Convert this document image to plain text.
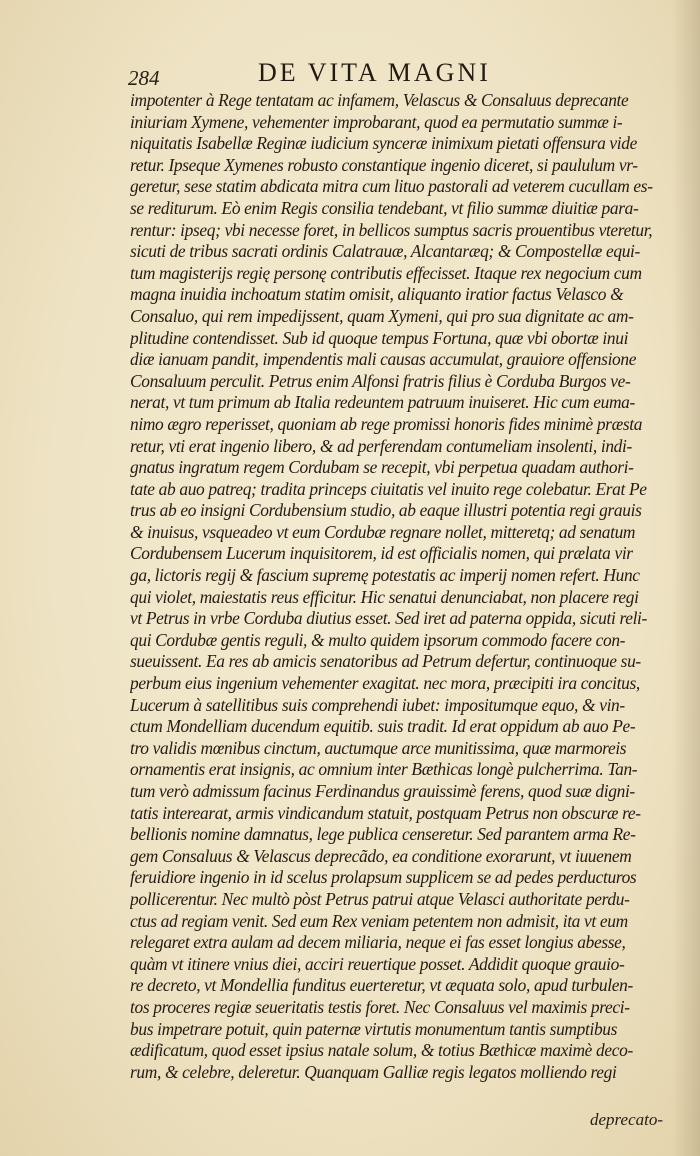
284	DE VITA MAGNI
impotenter à Rege tentatam ac infamem, Velascus & Consaluus deprecante
iniuriam Xymene, vehementer improbarant, quod ea permutatio summæ i-
niquitatis Isabellæ Reginæ iudicium synceræ inimixum pietati offensura vide
retur. Ipseque Xymenes robusto constantique ingenio diceret, si paululum vr-
geretur, sese statim abdicata mitra cum lituo pastorali ad veterem cucullam es-
se rediturum. Eò enim Regis consilia tendebant, vt filio summæ diuitiæ para-
rentur: ipseq; vbi necesse foret, in bellicos sumptus sacris prouentibus vteretur,
sicuti de tribus sacrati ordinis Calatrauæ, Alcantaræq; & Compostellæ equi-
tum magisterijs regię personę contributis effecisset. Itaque rex negocium cum
magna inuidia inchoatum statim omisit, aliquanto iratior factus Velasco &
Consaluo, qui rem impedijssent, quam Xymeni, qui pro sua dignitate ac am-
plitudine contendisset. Sub id quoque tempus Fortuna, quæ vbi obortæ inui
diæ ianuam pandit, impendentis mali causas accumulat, grauiore offensione
Consaluum perculit. Petrus enim Alfonsi fratris filius è Corduba Burgos ve-
nerat, vt tum primum ab Italia redeuntem patruum inuiseret. Hic cum euma-
nimo ægro reperisset, quoniam ab rege promissi honoris fides minimè præsta
retur, vti erat ingenio libero, & ad perferendam contumeliam insolenti, indi-
gnatus ingratum regem Cordubam se recepit, vbi perpetua quadam authori-
tate ab auo patreq; tradita princeps ciuitatis vel inuito rege colebatur. Erat Pe
trus ab eo insigni Cordubensium studio, ab eaque illustri potentia regi grauis
& inuisus, vsqueadeo vt eum Cordubæ regnare nollet, mitteretq; ad senatum
Cordubensem Lucerum inquisitorem, id est officialis nomen, qui prælata vir
ga, lictoris regij & fascium supremę potestatis ac imperij nomen refert. Hunc
qui violet, maiestatis reus efficitur. Hic senatui denunciabat, non placere regi
vt Petrus in vrbe Corduba diutius esset. Sed iret ad paterna oppida, sicuti reli-
qui Cordubæ gentis reguli, & multo quidem ipsorum commodo facere con-
sueuissent. Ea res ab amicis senatoribus ad Petrum defertur, continuoque su-
perbum eius ingenium vehementer exagitat. nec mora, præcipiti ira concitus,
Lucerum à satellitibus suis comprehendi iubet: impositumque equo, & vin-
ctum Mondelliam ducendum equitib. suis tradit. Id erat oppidum ab auo Pe-
tro validis mœnibus cinctum, auctumque arce munitissima, quæ marmoreis
ornamentis erat insignis, ac omnium inter Bæthicas longè pulcherrima. Tan-
tum verò admissum facinus Ferdinandus grauissimè ferens, quod suæ digni-
tatis interearat, armis vindicandum statuit, postquam Petrus non obscuræ re-
bellionis nomine damnatus, lege publica censeretur. Sed parantem arma Re-
gem Consaluus & Velascus deprecãdo, ea conditione exorarunt, vt iuuenem
feruidiore ingenio in id scelus prolapsum supplicem se ad pedes perducturos
pollicerentur. Nec multò pòst Petrus patrui atque Velasci authoritate perdu-
ctus ad regiam venit. Sed eum Rex veniam petentem non admisit, ita vt eum
relegaret extra aulam ad decem miliaria, neque ei fas esset longius abesse,
quàm vt itinere vnius diei, acciri reuertique posset. Addidit quoque grauio-
re decreto, vt Mondellia funditus euerteretur, vt æquata solo, apud turbulen-
tos proceres regiæ seueritatis testis foret. Nec Consaluus vel maximis preci-
bus impetrare potuit, quin paternæ virtutis monumentum tantis sumptibus
ædificatum, quod esset ipsius natale solum, & totius Bæthicæ maximè deco-
rum, & celebre, deleretur. Quanquam Galliæ regis legatos molliendo regi
deprecato-
